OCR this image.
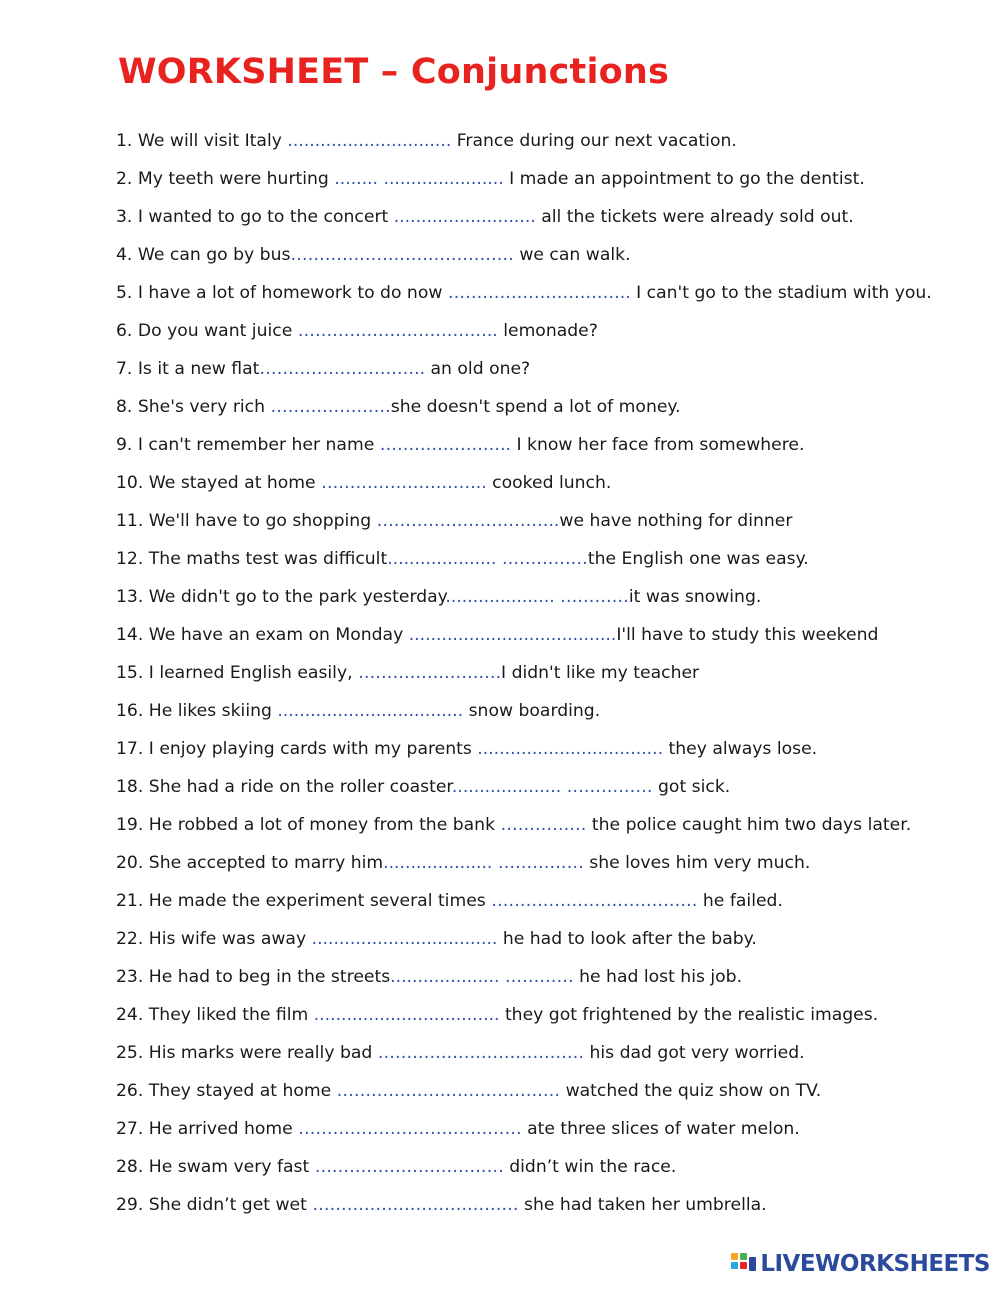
WORKSHEET – Conjunctions
1. We will visit Italy .............................. France during our next vacation.
2. My teeth were hurting ........ ...................... I made an appointment to go the dentist.
3. I wanted to go to the concert .......................... all the tickets were already sold out.
4. We can go by bus………………………………… we can walk.
5. I have a lot of homework to do now ………………………….. I can't go to the stadium with you.
6. Do you want juice …………………………….. lemonade?
7. Is it a new flat……………………….. an old one?
8. She's very rich …………………she doesn't spend a lot of money.
9. I can't remember her name ………………….. I know her face from somewhere.
10. We stayed at home ……………………….. cooked lunch.
11. We'll have to go shopping …………………………..we have nothing for dinner
12. The maths test was difficult.................... ……………the English one was easy.
13. We didn't go to the park yesterday.................... …………it was snowing.
14. We have an exam on Monday ......................................I'll have to study this weekend
15. I learned English easily, …………………….I didn't like my teacher
16. He likes skiing .................................. snow boarding.
17. I enjoy playing cards with my parents .................................. they always lose.
18. She had a ride on the roller coaster.................... …………… got sick.
19. He robbed a lot of money from the bank …………… the police caught him two days later.
20. She accepted to marry him.................... …………… she loves him very much.
21. He made the experiment several times ……………………………… he failed.
22. His wife was away .................................. he had to look after the baby.
23. He had to beg in the streets.................... ………… he had lost his job.
24. They liked the film .................................. they got frightened by the realistic images.
25. His marks were really bad ……………………………… his dad got very worried.
26. They stayed at home ………………………………… watched the quiz show on TV.
27. He arrived home ………………………………… ate three slices of water melon.
28. He swam very fast …………………………… didn’t win the race.
29. She didn’t get wet ……………………………… she had taken her umbrella.
LIVEWORKSHEETS
